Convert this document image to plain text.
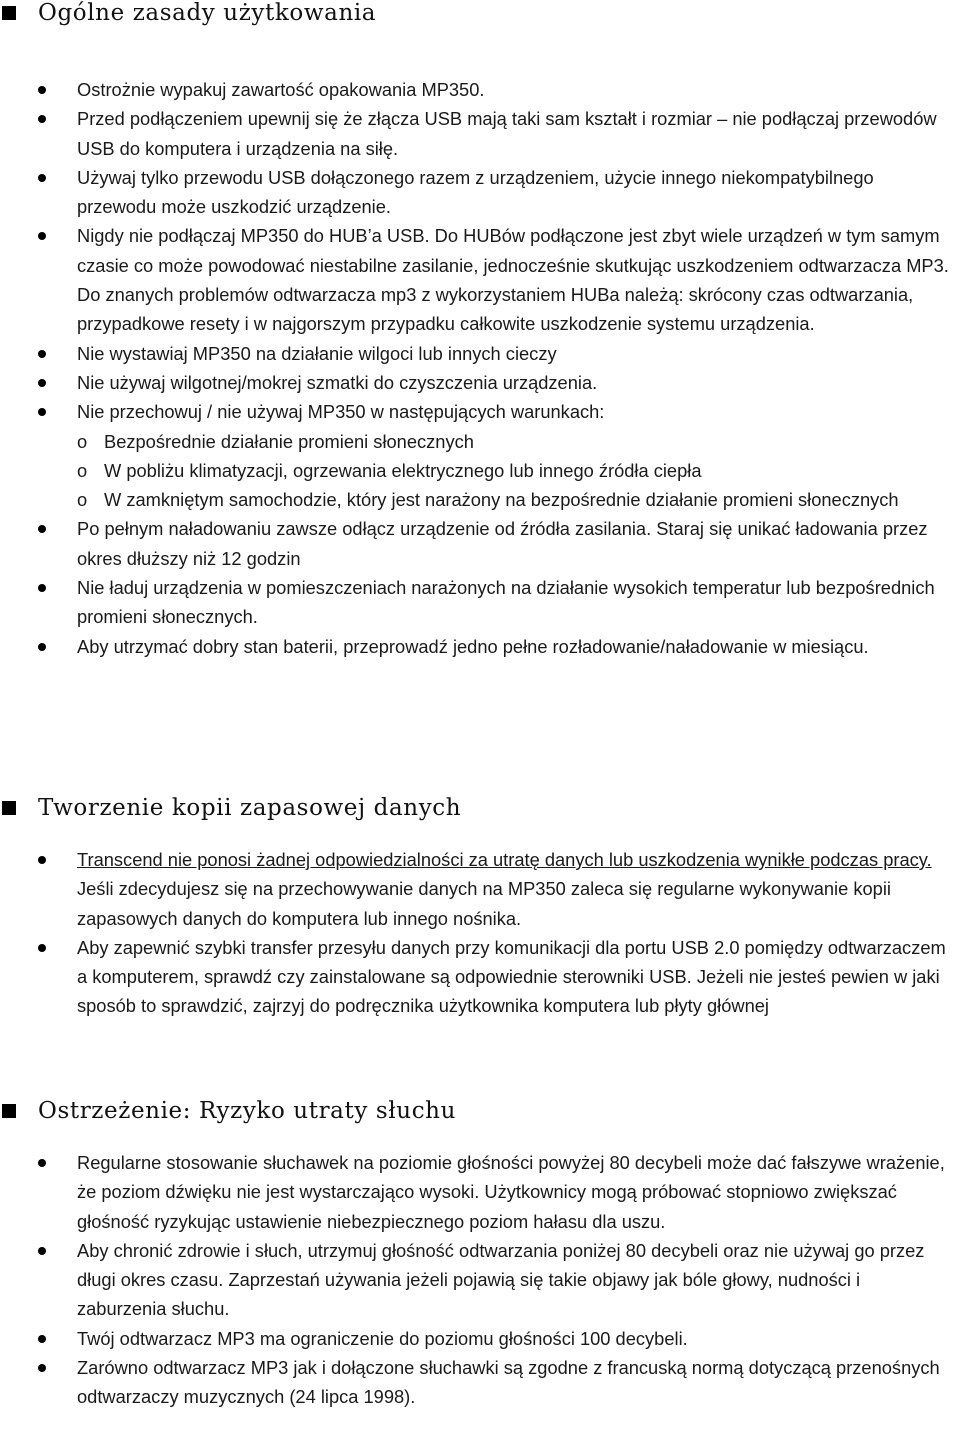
Ogólne zasady użytkowania
Ostrożnie wypakuj zawartość opakowania MP350.
Przed podłączeniem upewnij się że złącza USB mają taki sam kształt i rozmiar – nie podłączaj przewodów USB do komputera i urządzenia na siłę.
Używaj tylko przewodu USB dołączonego razem z urządzeniem, użycie innego niekompatybilnego przewodu może uszkodzić urządzenie.
Nigdy nie podłączaj MP350 do HUB’a USB. Do HUBów podłączone jest zbyt wiele urządzeń w tym samym czasie co może powodować niestabilne zasilanie, jednocześnie skutkując uszkodzeniem odtwarzacza MP3. Do znanych problemów odtwarzacza mp3 z wykorzystaniem HUBa należą: skrócony czas odtwarzania, przypadkowe resety i w najgorszym przypadku całkowite uszkodzenie systemu urządzenia.
Nie wystawiaj MP350 na działanie wilgoci lub innych cieczy
Nie używaj wilgotnej/mokrej szmatki do czyszczenia urządzenia.
Nie przechowuj / nie używaj MP350 w następujących warunkach:
o Bezpośrednie działanie promieni słonecznych
o W pobliżu klimatyzacji, ogrzewania elektrycznego lub innego źródła ciepła
o W zamkniętym samochodzie, który jest narażony na bezpośrednie działanie promieni słonecznych
Po pełnym naładowaniu zawsze odłącz urządzenie od źródła zasilania. Staraj się unikać ładowania przez okres dłuższy niż 12 godzin
Nie ładuj urządzenia w pomieszczeniach narażonych na działanie wysokich temperatur lub bezpośrednich promieni słonecznych.
Aby utrzymać dobry stan baterii, przeprowadź jedno pełne rozładowanie/naładowanie w miesiącu.
Tworzenie kopii zapasowej danych
Transcend nie ponosi żadnej odpowiedzialności za utratę danych lub uszkodzenia wynikłe podczas pracy. Jeśli zdecydujesz się na przechowywanie danych na MP350 zaleca się regularne wykonywanie kopii zapasowych danych do komputera lub innego nośnika.
Aby zapewnić szybki transfer przesyłu danych przy komunikacji dla portu USB 2.0 pomiędzy odtwarzaczem a komputerem, sprawdź czy zainstalowane są odpowiednie sterowniki USB. Jeżeli nie jesteś pewien w jaki sposób to sprawdzić, zajrzyj do podręcznika użytkownika komputera lub płyty głównej
Ostrzeżenie: Ryzyko utraty słuchu
Regularne stosowanie słuchawek na poziomie głośności powyżej 80 decybeli może dać fałszywe wrażenie, że poziom dźwięku nie jest wystarczająco wysoki. Użytkownicy mogą próbować stopniowo zwiększać głośność ryzykując ustawienie niebezpiecznego poziom hałasu dla uszu.
Aby chronić zdrowie i słuch, utrzymuj głośność odtwarzania poniżej 80 decybeli oraz nie używaj go przez długi okres czasu. Zaprzestań używania jeżeli pojawią się takie objawy jak bóle głowy, nudności i zaburzenia słuchu.
Twój odtwarzacz MP3 ma ograniczenie do poziomu głośności 100 decybeli.
Zarówno odtwarzacz MP3 jak i dołączone słuchawki są zgodne z francuską normą dotyczącą przenośnych odtwarzaczy muzycznych (24 lipca 1998).
